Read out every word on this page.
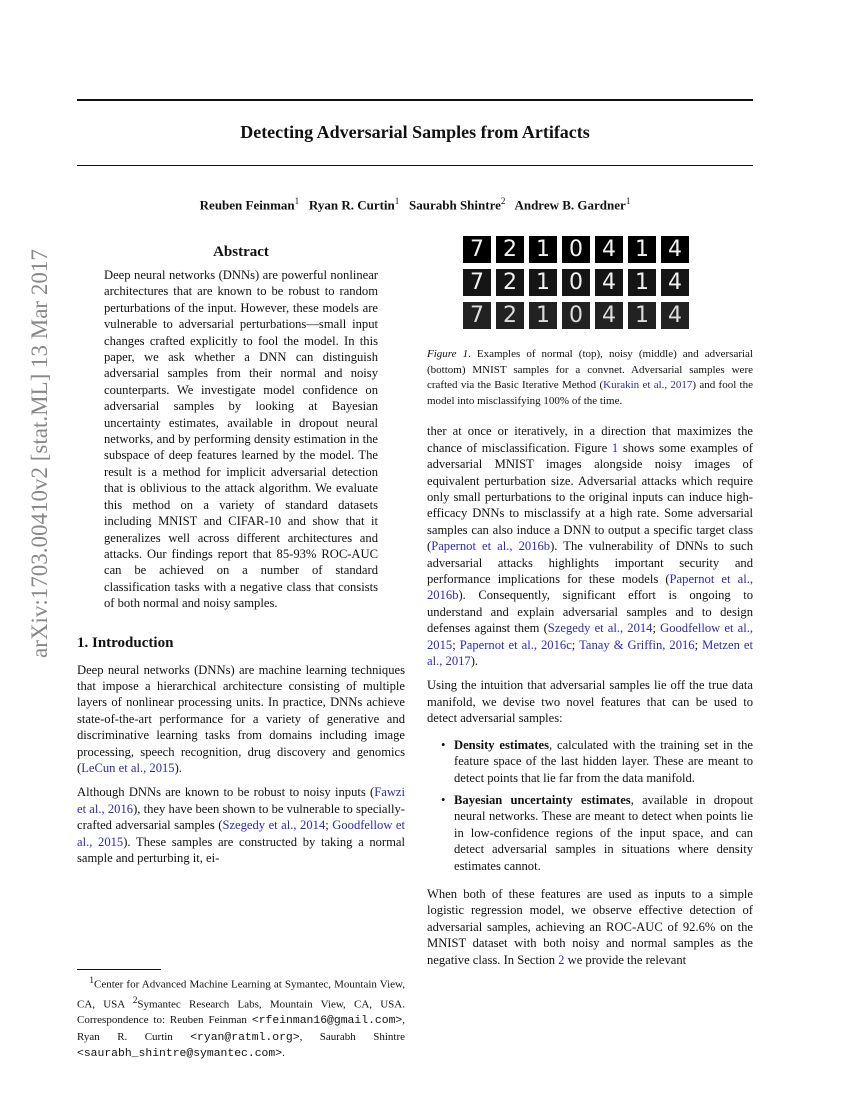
arXiv:1703.00410v2 [stat.ML] 13 Mar 2017
Detecting Adversarial Samples from Artifacts
Reuben Feinman$^1$ Ryan R. Curtin$^1$ Saurabh Shintre$^2$ Andrew B. Gardner$^1$
Abstract
Deep neural networks (DNNs) are powerful nonlinear architectures that are known to be robust to random perturbations of the input. However, these models are vulnerable to adversarial perturbations—small input changes crafted explicitly to fool the model. In this paper, we ask whether a DNN can distinguish adversarial samples from their normal and noisy counterparts. We investigate model confidence on adversarial samples by looking at Bayesian uncertainty estimates, available in dropout neural networks, and by performing density estimation in the subspace of deep features learned by the model. The result is a method for implicit adversarial detection that is oblivious to the attack algorithm. We evaluate this method on a variety of standard datasets including MNIST and CIFAR-10 and show that it generalizes well across different architectures and attacks. Our findings report that 85-93% ROC-AUC can be achieved on a number of standard classification tasks with a negative class that consists of both normal and noisy samples.
1. Introduction
Deep neural networks (DNNs) are machine learning techniques that impose a hierarchical architecture consisting of multiple layers of nonlinear processing units. In practice, DNNs achieve state-of-the-art performance for a variety of generative and discriminative learning tasks from domains including image processing, speech recognition, drug discovery and genomics (LeCun et al., 2015).
Although DNNs are known to be robust to noisy inputs (Fawzi et al., 2016), they have been shown to be vulnerable to specially-crafted adversarial samples (Szegedy et al., 2014; Goodfellow et al., 2015). These samples are constructed by taking a normal sample and perturbing it, ei-
$^1$Center for Advanced Machine Learning at Symantec, Mountain View, CA, USA $^2$Symantec Research Labs, Mountain View, CA, USA. Correspondence to: Reuben Feinman <rfeinman16@gmail.com>, Ryan R. Curtin <ryan@ratml.org>, Saurabh Shintre <saurabh_shintre@symantec.com>.
7 2 1 0 4 1 4
7 2 1 0 4 1 4
7 2 1 0 4 1 4
Figure 1. Examples of normal (top), noisy (middle) and adversarial (bottom) MNIST samples for a convnet. Adversarial samples were crafted via the Basic Iterative Method (Kurakin et al., 2017) and fool the model into misclassifying 100% of the time.
ther at once or iteratively, in a direction that maximizes the chance of misclassification. Figure 1 shows some examples of adversarial MNIST images alongside noisy images of equivalent perturbation size. Adversarial attacks which require only small perturbations to the original inputs can induce high-efficacy DNNs to misclassify at a high rate. Some adversarial samples can also induce a DNN to output a specific target class (Papernot et al., 2016b). The vulnerability of DNNs to such adversarial attacks highlights important security and performance implications for these models (Papernot et al., 2016b). Consequently, significant effort is ongoing to understand and explain adversarial samples and to design defenses against them (Szegedy et al., 2014; Goodfellow et al., 2015; Papernot et al., 2016c; Tanay & Griffin, 2016; Metzen et al., 2017).
Using the intuition that adversarial samples lie off the true data manifold, we devise two novel features that can be used to detect adversarial samples:
• Density estimates, calculated with the training set in the feature space of the last hidden layer. These are meant to detect points that lie far from the data manifold.
• Bayesian uncertainty estimates, available in dropout neural networks. These are meant to detect when points lie in low-confidence regions of the input space, and can detect adversarial samples in situations where density estimates cannot.
When both of these features are used as inputs to a simple logistic regression model, we observe effective detection of adversarial samples, achieving an ROC-AUC of 92.6% on the MNIST dataset with both noisy and normal samples as the negative class. In Section 2 we provide the relevant
